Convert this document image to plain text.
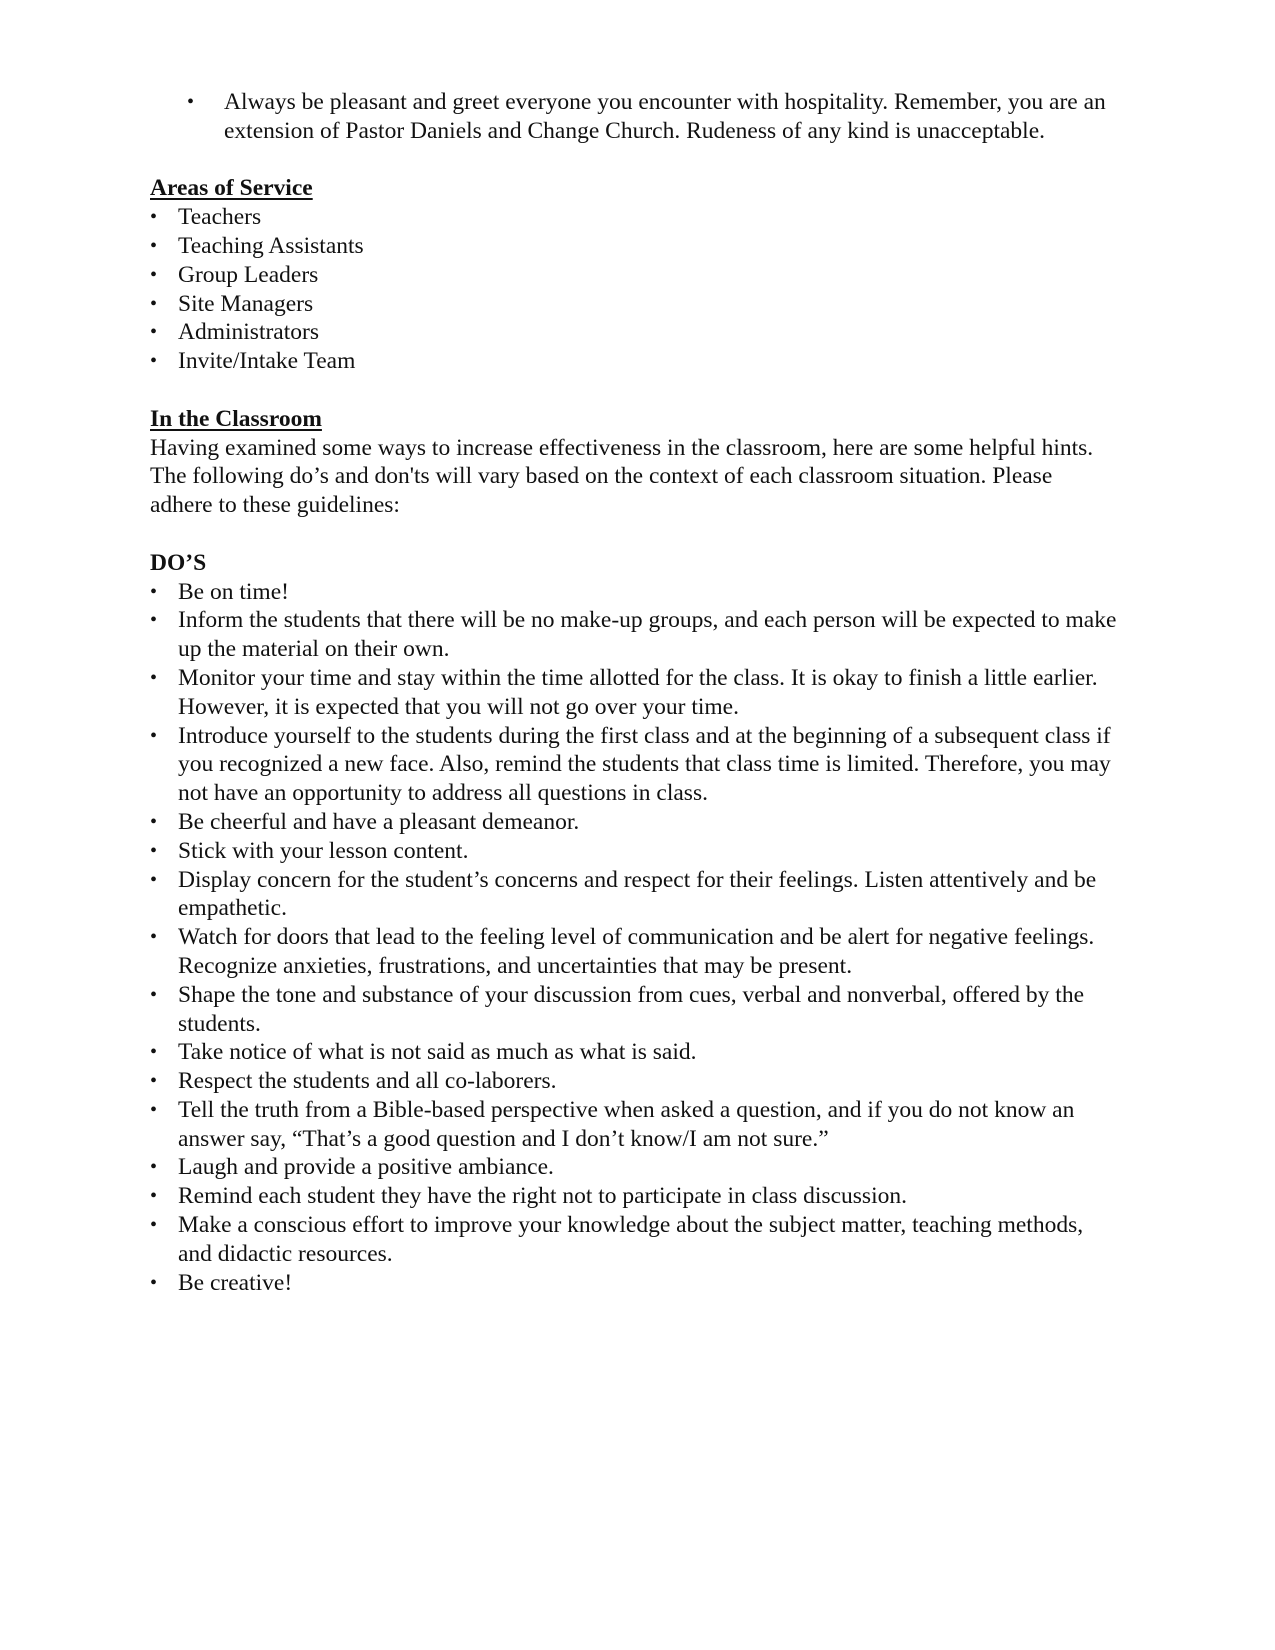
• Always be pleasant and greet everyone you encounter with hospitality. Remember, you are an extension of Pastor Daniels and Change Church. Rudeness of any kind is unacceptable.
Areas of Service
• Teachers
• Teaching Assistants
• Group Leaders
• Site Managers
• Administrators
• Invite/Intake Team
In the Classroom

Having examined some ways to increase effectiveness in the classroom, here are some helpful hints. The following do’s and don'ts will vary based on the context of each classroom situation. Please adhere to these guidelines:

DO’S
• Be on time!
• Inform the students that there will be no make-up groups, and each person will be expected to make up the material on their own.
• Monitor your time and stay within the time allotted for the class. It is okay to finish a little earlier. However, it is expected that you will not go over your time.
• Introduce yourself to the students during the first class and at the beginning of a subsequent class if you recognized a new face. Also, remind the students that class time is limited. Therefore, you may not have an opportunity to address all questions in class.
• Be cheerful and have a pleasant demeanor.
• Stick with your lesson content.
• Display concern for the student’s concerns and respect for their feelings. Listen attentively and be empathetic.
• Watch for doors that lead to the feeling level of communication and be alert for negative feelings. Recognize anxieties, frustrations, and uncertainties that may be present.
• Shape the tone and substance of your discussion from cues, verbal and nonverbal, offered by the students.
• Take notice of what is not said as much as what is said.
• Respect the students and all co-laborers.
• Tell the truth from a Bible-based perspective when asked a question, and if you do not know an answer say, “That’s a good question and I don’t know/I am not sure.”
• Laugh and provide a positive ambiance.
• Remind each student they have the right not to participate in class discussion.
• Make a conscious effort to improve your knowledge about the subject matter, teaching methods, and didactic resources.
• Be creative!
